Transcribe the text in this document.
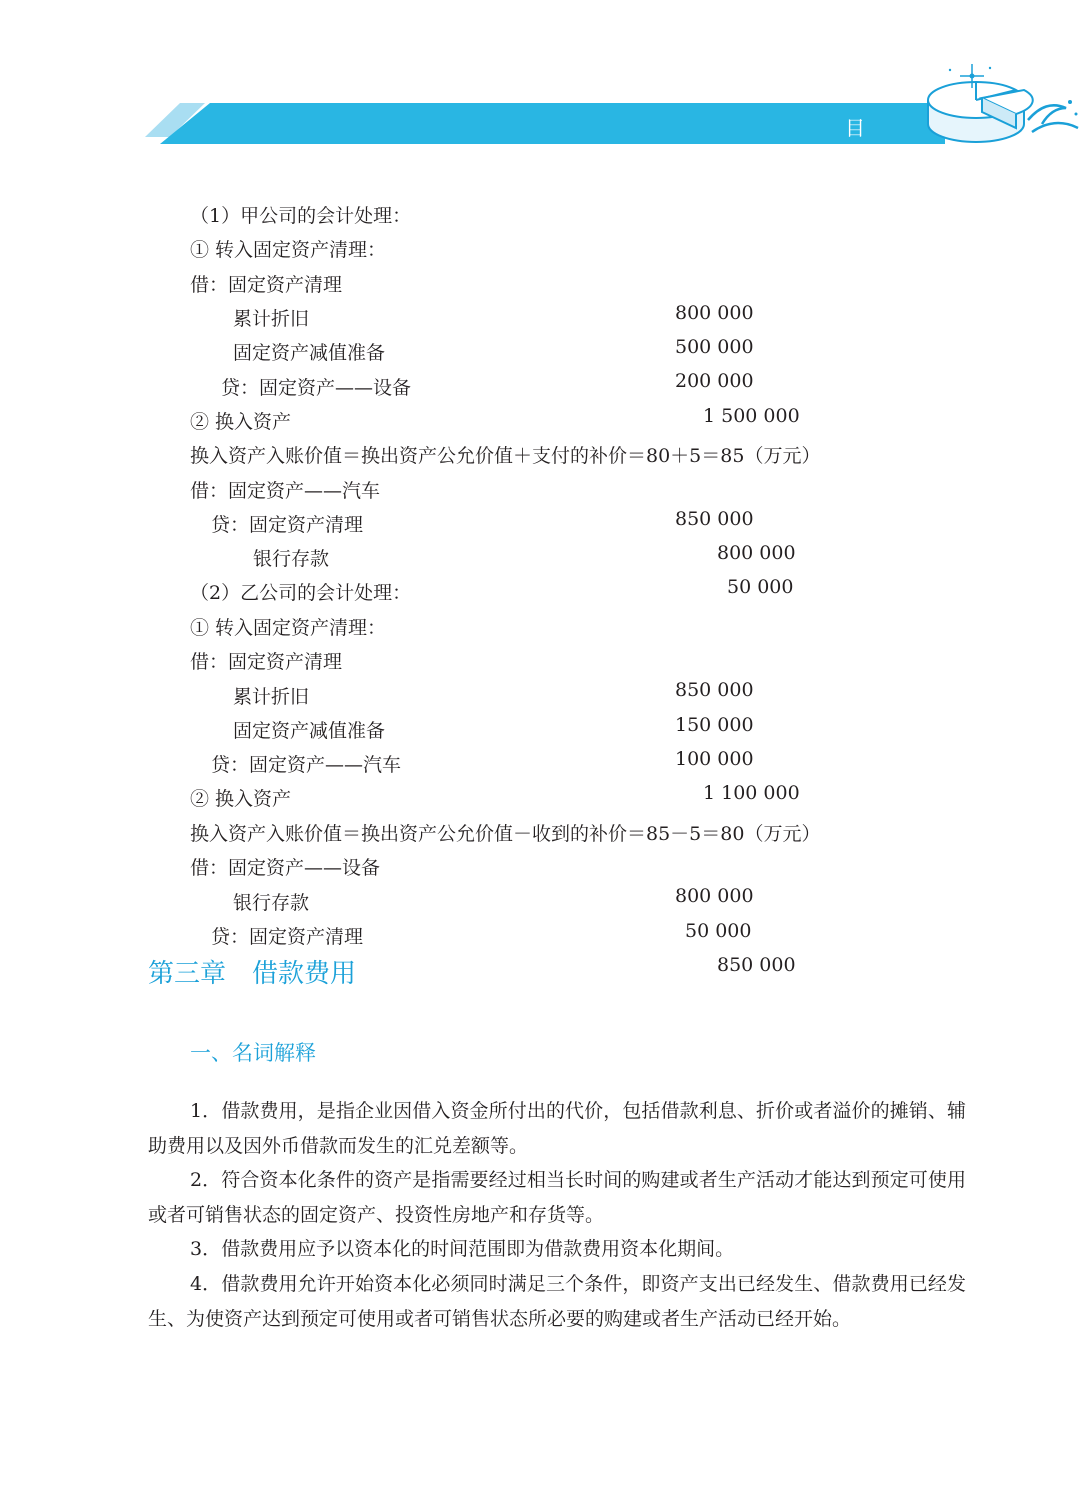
目 录

（1）甲公司的会计处理：

① 转入固定资产清理：

借：固定资产清理

800 000

累计折旧

500 000

固定资产减值准备

200 000

贷：固定资产——设备

1 500 000

② 换入资产

换入资产入账价值＝换出资产公允价值＋支付的补价＝80＋5＝85（万元）

借：固定资产——汽车

850 000

贷：固定资产清理

800 000

银行存款

50 000

（2）乙公司的会计处理：

① 转入固定资产清理：

借：固定资产清理

850 000

累计折旧

150 000

固定资产减值准备

100 000

贷：固定资产——汽车

1 100 000

② 换入资产

换入资产入账价值＝换出资产公允价值－收到的补价＝85－5＝80（万元）

借：固定资产——设备

800 000

银行存款

50 000

贷：固定资产清理

850 000

第三章　借款费用
一、名词解释

1．借款费用，是指企业因借入资金所付出的代价，包括借款利息、折价或者溢价的摊销、辅助费用以及因外币借款而发生的汇兑差额等。

2．符合资本化条件的资产是指需要经过相当长时间的购建或者生产活动才能达到预定可使用或者可销售状态的固定资产、投资性房地产和存货等。

3．借款费用应予以资本化的时间范围即为借款费用资本化期间。

4．借款费用允许开始资本化必须同时满足三个条件，即资产支出已经发生、借款费用已经发生、为使资产达到预定可使用或者可销售状态所必要的购建或者生产活动已经开始。
